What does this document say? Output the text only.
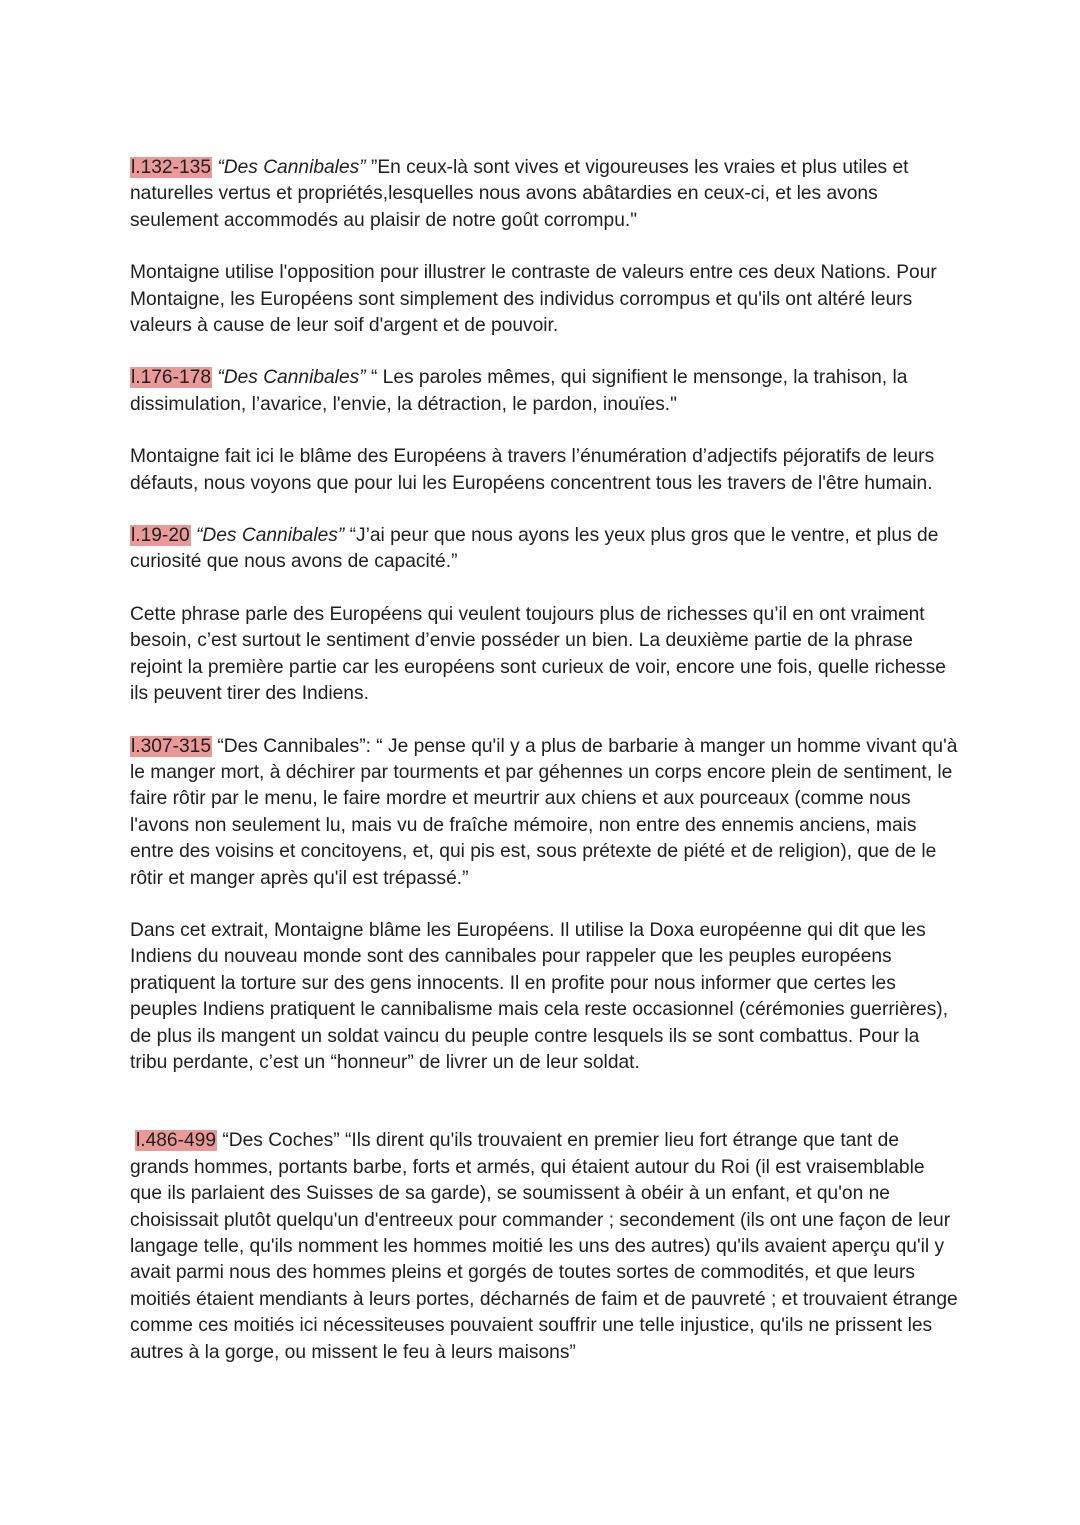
l.132-135 “Des Cannibales” ”En ceux-là sont vives et vigoureuses les vraies et plus utiles et naturelles vertus et propriétés,lesquelles nous avons abâtardies en ceux-ci, et les avons seulement accommodés au plaisir de notre goût corrompu."

Montaigne utilise l'opposition pour illustrer le contraste de valeurs entre ces deux Nations. Pour Montaigne, les Européens sont simplement des individus corrompus et qu'ils ont altéré leurs valeurs à cause de leur soif d'argent et de pouvoir.

l.176-178 “Des Cannibales” “ Les paroles mêmes, qui signifient le mensonge, la trahison, la dissimulation, l’avarice, l'envie, la détraction, le pardon, inouïes."

Montaigne fait ici le blâme des Européens à travers l’énumération d’adjectifs péjoratifs de leurs défauts, nous voyons que pour lui les Européens concentrent tous les travers de l'être humain.

l.19-20 “Des Cannibales” “J’ai peur que nous ayons les yeux plus gros que le ventre, et plus de curiosité que nous avons de capacité.”

Cette phrase parle des Européens qui veulent toujours plus de richesses qu’il en ont vraiment besoin, c’est surtout le sentiment d’envie posséder un bien. La deuxième partie de la phrase rejoint la première partie car les européens sont curieux de voir, encore une fois, quelle richesse ils peuvent tirer des Indiens.

l.307-315 “Des Cannibales”: “ Je pense qu'il y a plus de barbarie à manger un homme vivant qu'à le manger mort, à déchirer par tourments et par géhennes un corps encore plein de sentiment, le faire rôtir par le menu, le faire mordre et meurtrir aux chiens et aux pourceaux (comme nous l'avons non seulement lu, mais vu de fraîche mémoire, non entre des ennemis anciens, mais entre des voisins et concitoyens, et, qui pis est, sous prétexte de piété et de religion), que de le rôtir et manger après qu'il est trépassé.”

Dans cet extrait, Montaigne blâme les Européens. Il utilise la Doxa européenne qui dit que les Indiens du nouveau monde sont des cannibales pour rappeler que les peuples européens pratiquent la torture sur des gens innocents. Il en profite pour nous informer que certes les peuples Indiens pratiquent le cannibalisme mais cela reste occasionnel (cérémonies guerrières), de plus ils mangent un soldat vaincu du peuple contre lesquels ils se sont combattus. Pour la tribu perdante, c’est un “honneur” de livrer un de leur soldat.

l.486-499 “Des Coches” “Ils dirent qu'ils trouvaient en premier lieu fort étrange que tant de grands hommes, portants barbe, forts et armés, qui étaient autour du Roi (il est vraisemblable que ils parlaient des Suisses de sa garde), se soumissent à obéir à un enfant, et qu'on ne choisissait plutôt quelqu'un d'entreeux pour commander ; secondement (ils ont une façon de leur langage telle, qu'ils nomment les hommes moitié les uns des autres) qu'ils avaient aperçu qu'il y avait parmi nous des hommes pleins et gorgés de toutes sortes de commodités, et que leurs moitiés étaient mendiants à leurs portes, décharnés de faim et de pauvreté ; et trouvaient étrange comme ces moitiés ici nécessiteuses pouvaient souffrir une telle injustice, qu'ils ne prissent les autres à la gorge, ou missent le feu à leurs maisons”
